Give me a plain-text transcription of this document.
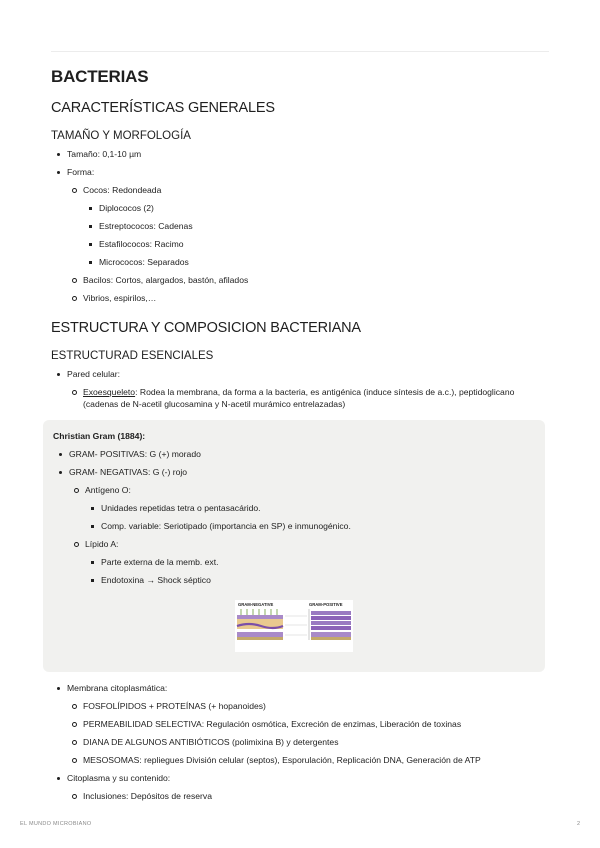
BACTERIAS
CARACTERÍSTICAS GENERALES
TAMAÑO Y MORFOLOGÍA
Tamaño: 0,1-10 µm
Forma:
Cocos: Redondeada
Diplococos (2)
Estreptococos: Cadenas
Estafilococos: Racimo
Micrococos: Separados
Bacilos: Cortos, alargados, bastón, afilados
Vibrios, espirilos,…
ESTRUCTURA Y COMPOSICION BACTERIANA
ESTRUCTURAD ESENCIALES
Pared celular:
Exoesqueleto: Rodea la membrana, da forma a la bacteria, es antigénica (induce síntesis de a.c.), peptidoglicano (cadenas de N-acetil glucosamina y N-acetil murámico entrelazadas)
Christian Gram (1884):
GRAM- POSITIVAS: G (+) morado
GRAM- NEGATIVAS: G (-) rojo
Antígeno O:
Unidades repetidas tetra o pentasacárido.
Comp. variable: Seriotipado (importancia en SP) e inmunogénico.
Lípido A:
Parte externa de la memb. ext.
Endotoxina → Shock séptico
GRAM-NEGATIVE	GRAM-POSITIVE
Membrana citoplasmática:
FOSFOLÍPIDOS + PROTEÍNAS (+ hopanoides)
PERMEABILIDAD SELECTIVA: Regulación osmótica, Excreción de enzimas, Liberación de toxinas
DIANA DE ALGUNOS ANTIBIÓTICOS (polimixina B) y detergentes
MESOSOMAS: repliegues División celular (septos), Esporulación, Replicación DNA, Generación de ATP
Citoplasma y su contenido:
Inclusiones: Depósitos de reserva
EL MUNDO MICROBIANO	2
